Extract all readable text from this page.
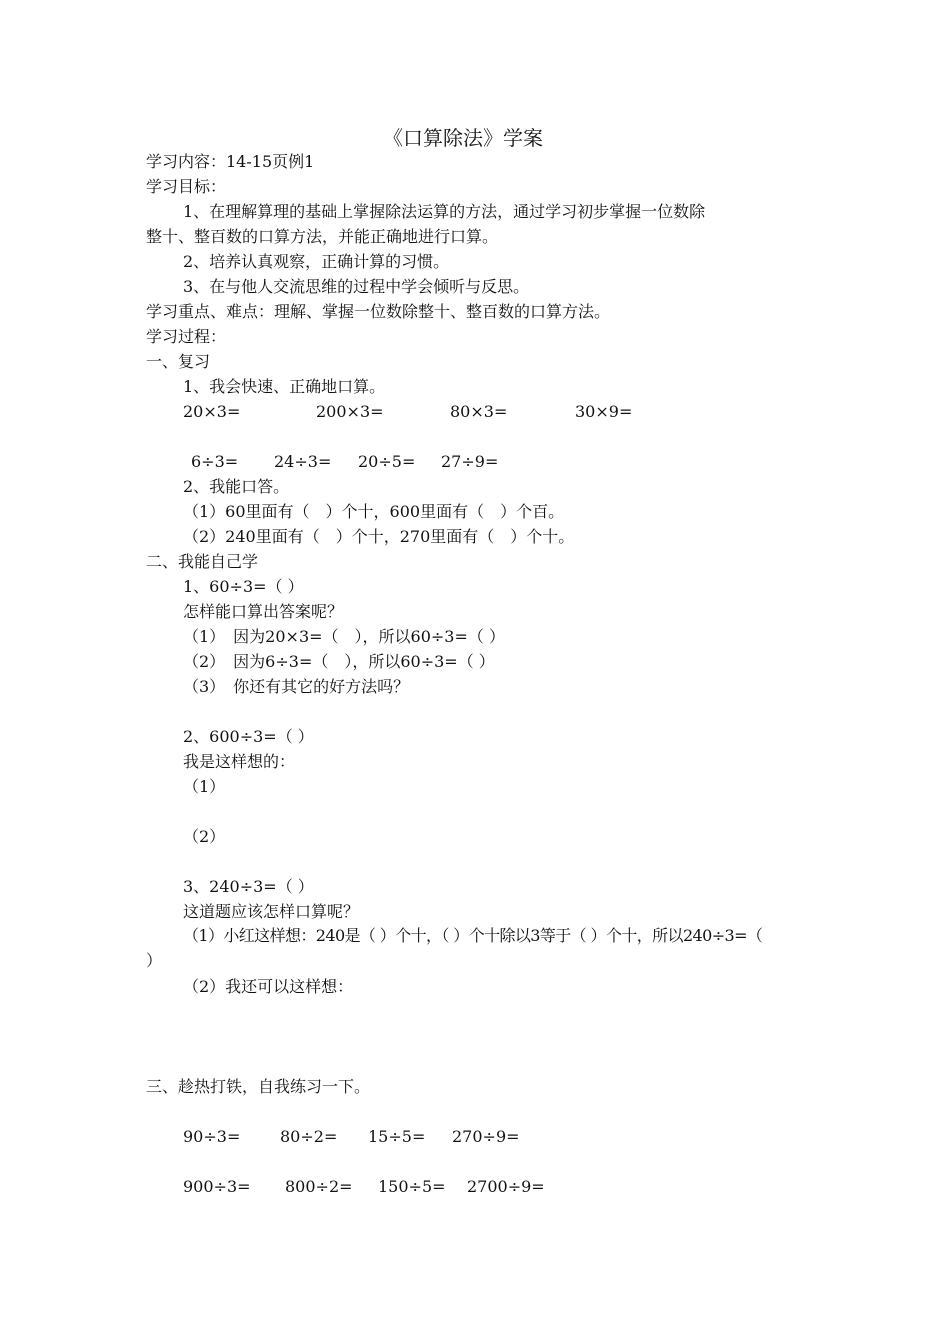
《口算除法》学案
学习内容：14-15页例1
学习目标：
1、在理解算理的基础上掌握除法运算的方法，通过学习初步掌握一位数除
整十、整百数的口算方法，并能正确地进行口算。
2、培养认真观察，正确计算的习惯。
3、在与他人交流思维的过程中学会倾听与反思。
学习重点、难点：理解、掌握一位数除整十、整百数的口算方法。
学习过程：
一、复习
1、我会快速、正确地口算。
20×3=	200×3=	80×3=	30×9=
6÷3= 24÷3= 20÷5= 27÷9=
2、我能口答。
（1）60里面有（　）个十，600里面有（　）个百。
（2）240里面有（　）个十，270里面有（　）个十。
二、我能自己学
1、60÷3=（ ）
怎样能口算出答案呢？
（1）　因为20×3=（　），所以60÷3=（ ）
（2）　因为6÷3=（　），所以60÷3=（ ）
（3）　你还有其它的好方法吗？
2、600÷3=（ ）
我是这样想的：
（1）
（2）
3、240÷3=（ ）
这道题应该怎样口算呢？
（1）小红这样想：240是（ ）个十，（ ）个十除以3等于（ ）个十，所以240÷3=（
）
（2）我还可以这样想：
三、趁热打铁，自我练习一下。
90÷3= 80÷2= 15÷5= 270÷9=
900÷3= 800÷2= 150÷5= 2700÷9=
